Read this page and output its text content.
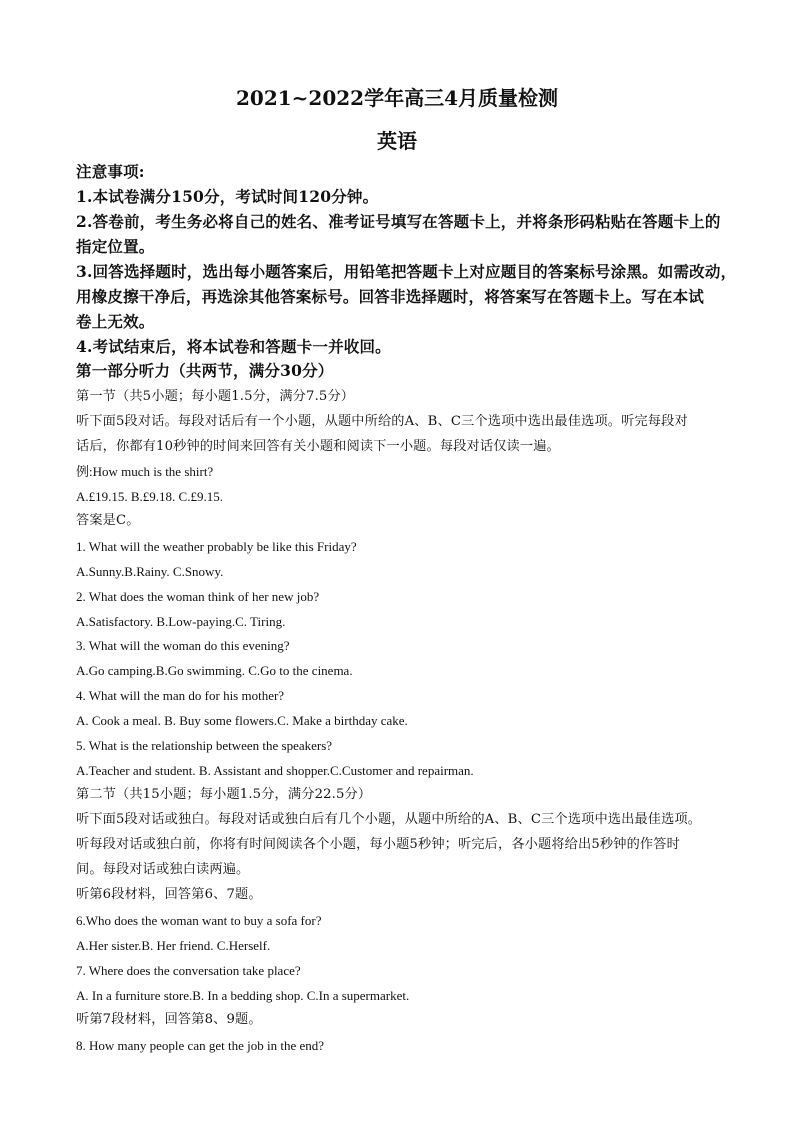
2021~2022学年高三4月质量检测
英语
注意事项:
1.本试卷满分150分，考试时间120分钟。
2.答卷前，考生务必将自己的姓名、准考证号填写在答题卡上，并将条形码粘贴在答题卡上的
指定位置。
3.回答选择题时，选出每小题答案后，用铅笔把答题卡上对应题目的答案标号涂黑。如需改动，
用橡皮擦干净后，再选涂其他答案标号。回答非选择题时，将答案写在答题卡上。写在本试
卷上无效。
4.考试结束后，将本试卷和答题卡一并收回。
第一部分听力（共两节，满分30分）
第一节（共5小题；每小题1.5分，满分7.5分）
听下面5段对话。每段对话后有一个小题，从题中所给的A、B、C三个选项中选出最佳选项。听完每段对
话后，你都有10秒钟的时间来回答有关小题和阅读下一小题。每段对话仅读一遍。
例:How much is the shirt?
A.£19.15. B.£9.18. C.£9.15.
答案是C。
1. What will the weather probably be like this Friday?
A.Sunny.B.Rainy. C.Snowy.
2. What does the woman think of her new job?
A.Satisfactory. B.Low-paying.C. Tiring.
3. What will the woman do this evening?
A.Go camping.B.Go swimming. C.Go to the cinema.
4. What will the man do for his mother?
A. Cook a meal. B. Buy some flowers.C. Make a birthday cake.
5. What is the relationship between the speakers?
A.Teacher and student. B. Assistant and shopper.C.Customer and repairman.
第二节（共15小题；每小题1.5分，满分22.5分）
听下面5段对话或独白。每段对话或独白后有几个小题，从题中所给的A、B、C三个选项中选出最佳选项。
听每段对话或独白前，你将有时间阅读各个小题，每小题5秒钟；听完后，各小题将给出5秒钟的作答时
间。每段对话或独白读两遍。
听第6段材料，回答第6、7题。
6.Who does the woman want to buy a sofa for?
A.Her sister.B. Her friend. C.Herself.
7. Where does the conversation take place?
A. In a furniture store.B. In a bedding shop. C.In a supermarket.
听第7段材料，回答第8、9题。
8. How many people can get the job in the end?
